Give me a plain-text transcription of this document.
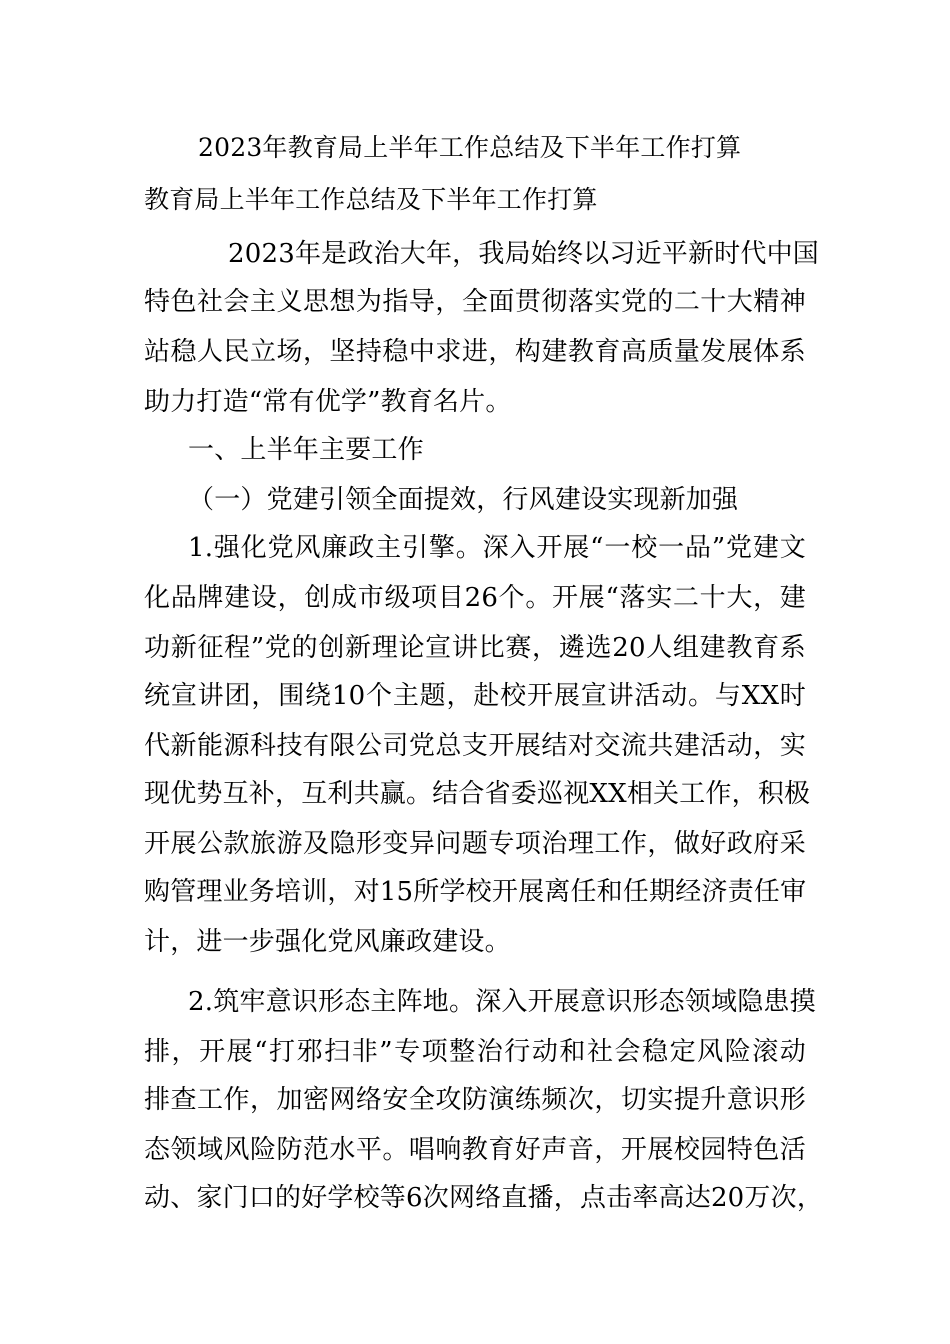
2023年教育局上半年工作总结及下半年工作打算
教育局上半年工作总结及下半年工作打算
2023年是政治大年，我局始终以习近平新时代中国
特色社会主义思想为指导，全面贯彻落实党的二十大精神
站稳人民立场，坚持稳中求进，构建教育高质量发展体系
助力打造“常有优学”教育名片。
一、上半年主要工作
（一）党建引领全面提效，行风建设实现新加强
1.强化党风廉政主引擎。深入开展“一校一品”党建文
化品牌建设，创成市级项目26个。开展“落实二十大，建
功新征程”党的创新理论宣讲比赛，遴选20人组建教育系
统宣讲团，围绕10个主题，赴校开展宣讲活动。与XX时
代新能源科技有限公司党总支开展结对交流共建活动，实
现优势互补，互利共赢。结合省委巡视XX相关工作，积极
开展公款旅游及隐形变异问题专项治理工作，做好政府采
购管理业务培训，对15所学校开展离任和任期经济责任审
计，进一步强化党风廉政建设。
2.筑牢意识形态主阵地。深入开展意识形态领域隐患摸
排，开展“打邪扫非”专项整治行动和社会稳定风险滚动
排查工作，加密网络安全攻防演练频次，切实提升意识形
态领域风险防范水平。唱响教育好声音，开展校园特色活
动、家门口的好学校等6次网络直播，点击率高达20万次，
